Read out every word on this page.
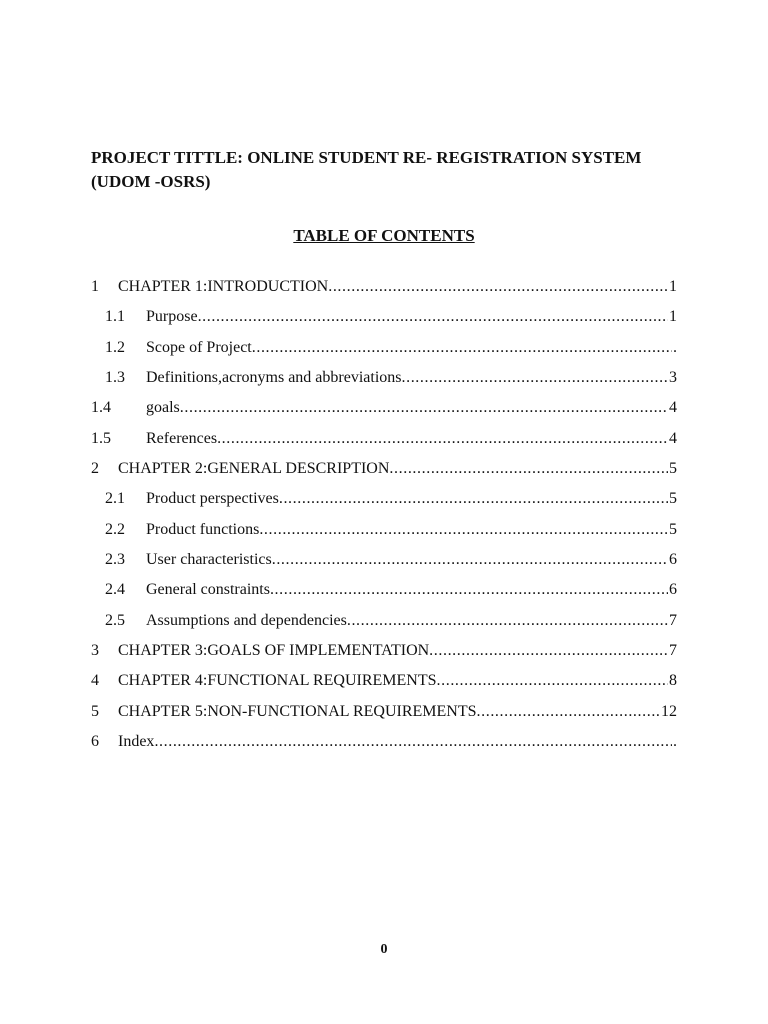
PROJECT TITTLE: ONLINE STUDENT RE- REGISTRATION SYSTEM
(UDOM -OSRS)
TABLE OF CONTENTS
1 CHAPTER 1:INTRODUCTION .....	1
1.1 Purpose .....	1
1.2 Scope of Project .....	.
1.3 Definitions,acronyms and abbreviations .....	3
1.4 goals .....	4
1.5 References .....	4
2 CHAPTER 2:GENERAL DESCRIPTION .....	5
2.1 Product perspectives .....	5
2.2 Product functions .....	5
2.3 User characteristics .....	6
2.4 General constraints .....	6
2.5 Assumptions and dependencies .....	7
3 CHAPTER 3:GOALS OF IMPLEMENTATION .....	7
4 CHAPTER 4:FUNCTIONAL REQUIREMENTS .....	8
5 CHAPTER 5:NON-FUNCTIONAL REQUIREMENTS .....	12
6 Index .....	.
0
